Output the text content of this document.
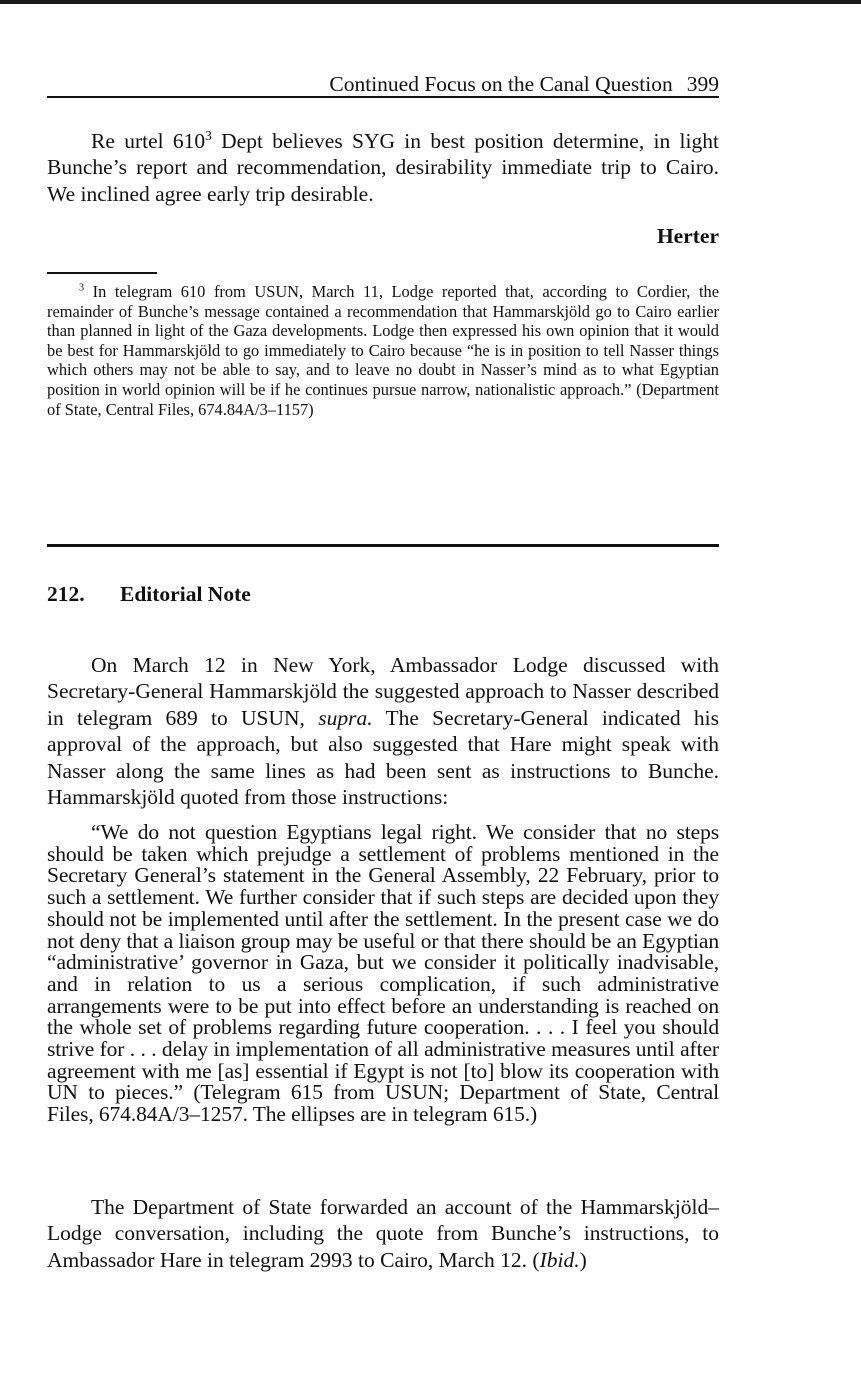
Continued Focus on the Canal Question 399

Re urtel $610^3$ Dept believes SYG in best position determine, in light Bunche’s report and recommendation, desirability immediate trip to Cairo. We inclined agree early trip desirable.

Herter

$^3$ In telegram 610 from USUN, March 11, Lodge reported that, according to Cordier, the remainder of Bunche’s message contained a recommendation that Hammarskjöld go to Cairo earlier than planned in light of the Gaza developments. Lodge then expressed his own opinion that it would be best for Hammarskjöld to go immediately to Cairo because “he is in position to tell Nasser things which others may not be able to say, and to leave no doubt in Nasser’s mind as to what Egyptian position in world opinion will be if he continues pursue narrow, nationalistic approach.” (Department of State, Central Files, 674.84A/3–1157)

212. Editorial Note

On March 12 in New York, Ambassador Lodge discussed with Secretary-General Hammarskjöld the suggested approach to Nasser described in telegram 689 to USUN, supra. The Secretary-General indicated his approval of the approach, but also suggested that Hare might speak with Nasser along the same lines as had been sent as instructions to Bunche. Hammarskjöld quoted from those instructions:

“We do not question Egyptians legal right. We consider that no steps should be taken which prejudge a settlement of problems mentioned in the Secretary General’s statement in the General Assembly, 22 February, prior to such a settlement. We further consider that if such steps are decided upon they should not be implemented until after the settlement. In the present case we do not deny that a liaison group may be useful or that there should be an Egyptian “administrative’ governor in Gaza, but we consider it politically inadvisable, and in relation to us a serious complication, if such administrative arrangements were to be put into effect before an understanding is reached on the whole set of problems regarding future cooperation. . . . I feel you should strive for . . . delay in implementation of all administrative measures until after agreement with me [as] essential if Egypt is not [to] blow its cooperation with UN to pieces.” (Telegram 615 from USUN; Department of State, Central Files, 674.84A/3–1257. The ellipses are in telegram 615.)

The Department of State forwarded an account of the Hammarskjöld–Lodge conversation, including the quote from Bunche’s instructions, to Ambassador Hare in telegram 2993 to Cairo, March 12. (Ibid.)
